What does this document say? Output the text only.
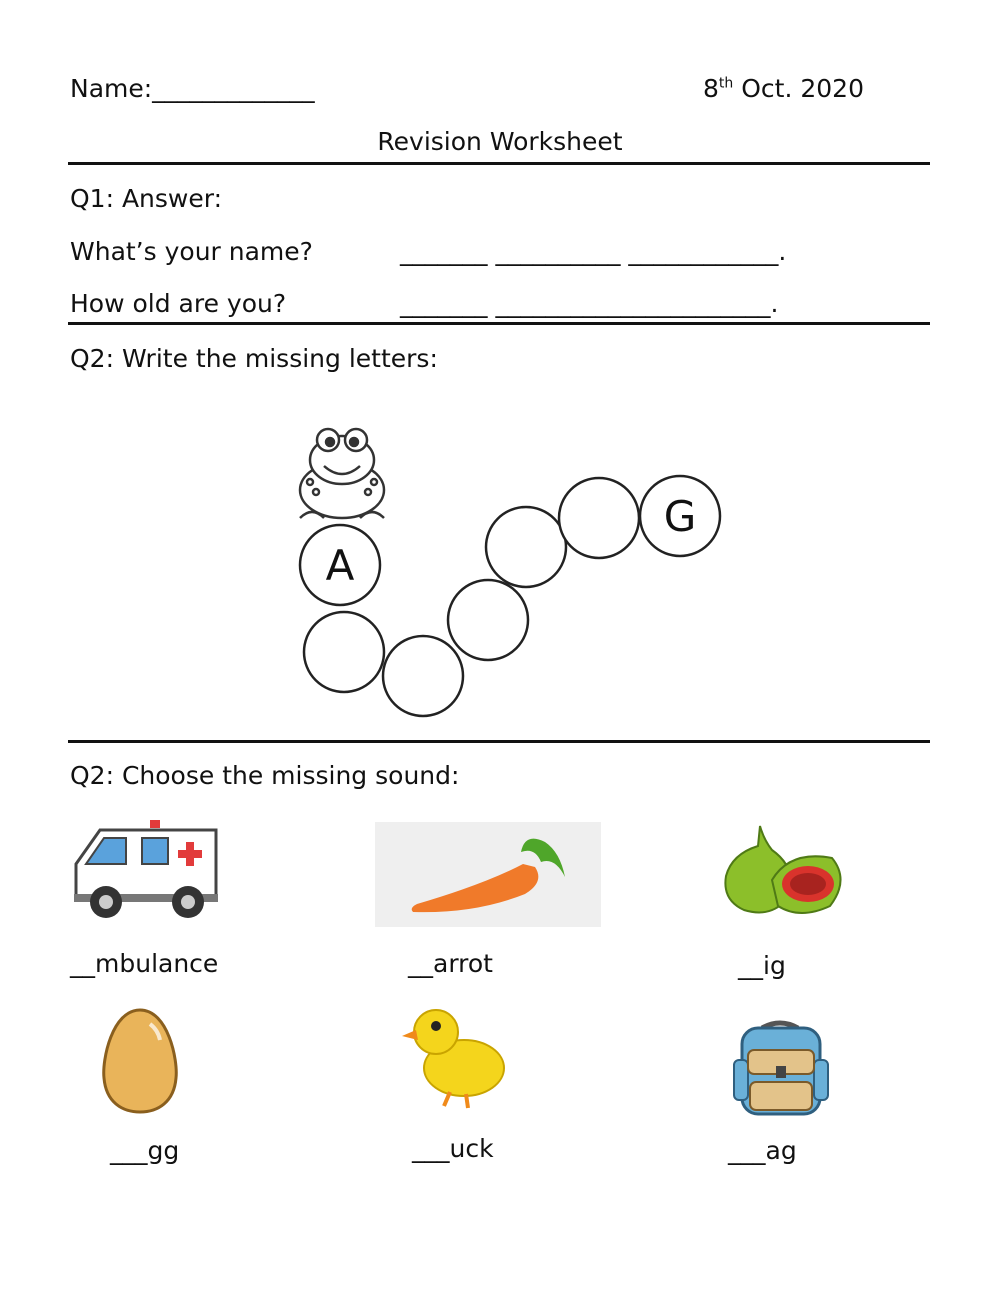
Name:_____________	8th Oct. 2020
Revision Worksheet
Q1: Answer:
What’s your name?	_______ __________ ____________.
How old are you?	_______ ______________________.
Q2: Write the missing letters:
A
G
Q2: Choose the missing sound:
__mbulance	__arrot	__ig
___gg	___uck	___ag
